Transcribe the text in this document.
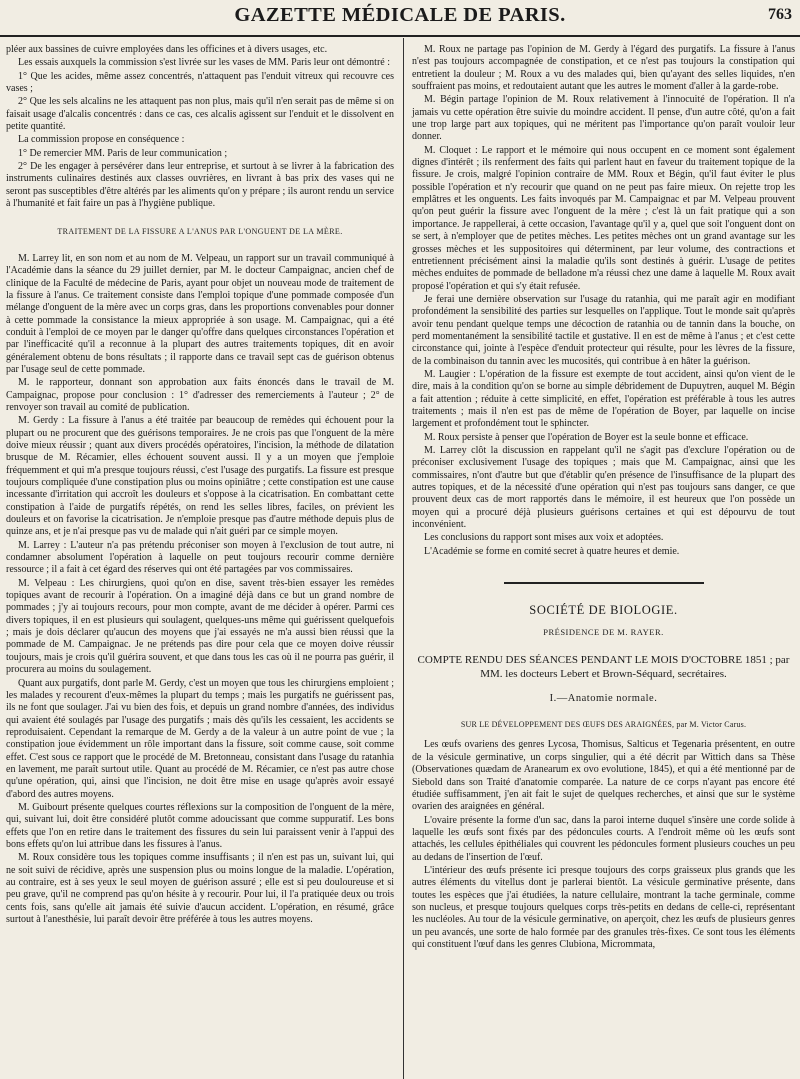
GAZETTE MÉDICALE DE PARIS.	763

pléer aux bassines de cuivre employées dans les officines et à divers usages, etc.

Les essais auxquels la commission s'est livrée sur les vases de MM. Paris leur ont démontré :

1° Que les acides, même assez concentrés, n'attaquent pas l'enduit vitreux qui recouvre ces vases ;

2° Que les sels alcalins ne les attaquent pas non plus, mais qu'il n'en serait pas de même si on faisait usage d'alcalis concentrés : dans ce cas, ces alcalis agissent sur l'enduit et le dissolvent en petite quantité.

La commission propose en conséquence :

1° De remercier MM. Paris de leur communication ;

2° De les engager à persévérer dans leur entreprise, et surtout à se livrer à la fabrication des instruments culinaires destinés aux classes ouvrières, en livrant à bas prix des vases qui ne seront pas susceptibles d'être altérés par les aliments qu'on y prépare ; ils auront rendu un service à l'humanité et fait faire un pas à l'hygiène publique.

TRAITEMENT DE LA FISSURE A L'ANUS PAR L'ONGUENT DE LA MÈRE.

M. Larrey lit, en son nom et au nom de M. Velpeau, un rapport sur un travail communiqué à l'Académie dans la séance du 29 juillet dernier, par M. le docteur Campaignac, ancien chef de clinique de la Faculté de médecine de Paris, ayant pour objet un nouveau mode de traitement de la fissure à l'anus. Ce traitement consiste dans l'emploi topique d'une pommade composée d'un mélange d'onguent de la mère avec un corps gras, dans les proportions convenables pour donner à cette pommade la consistance la mieux appropriée à son usage. M. Campaignac, qui a été conduit à l'emploi de ce moyen par le danger qu'offre dans quelques circonstances l'opération et par l'inefficacité qu'il a reconnue à la plupart des autres traitements topiques, dit en avoir généralement obtenu de bons résultats ; il rapporte dans ce travail sept cas de guérison obtenus par l'usage seul de cette pommade.

M. le rapporteur, donnant son approbation aux faits énoncés dans le travail de M. Campaignac, propose pour conclusion : 1° d'adresser des remerciements à l'auteur ; 2° de renvoyer son travail au comité de publication.

M. Gerdy : La fissure à l'anus a été traitée par beaucoup de remèdes qui échouent pour la plupart ou ne procurent que des guérisons temporaires. Je ne crois pas que l'onguent de la mère doive mieux réussir ; quant aux divers procédés opératoires, l'incision, la méthode de dilatation brusque de M. Récamier, elles échouent souvent aussi. Il y a un moyen que j'emploie fréquemment et qui m'a presque toujours réussi, c'est l'usage des purgatifs. La fissure est presque toujours compliquée d'une constipation plus ou moins opiniâtre ; cette constipation est une cause incessante d'irritation qui accroît les douleurs et s'oppose à la cicatrisation. En combattant cette constipation à l'aide de purgatifs répétés, on rend les selles libres, faciles, on prévient les douleurs et on favorise la cicatrisation. Je n'emploie presque pas d'autre méthode depuis plus de quinze ans, et je n'ai presque pas vu de malade qui n'ait guéri par ce simple moyen.

M. Larrey : L'auteur n'a pas prétendu préconiser son moyen à l'exclusion de tout autre, ni condamner absolument l'opération à laquelle on peut toujours recourir comme dernière ressource ; il a fait à cet égard des réserves qui ont été partagées par vos commissaires.

M. Velpeau : Les chirurgiens, quoi qu'on en dise, savent très-bien essayer les remèdes topiques avant de recourir à l'opération. On a imaginé déjà dans ce but un grand nombre de pommades ; j'y ai toujours recours, pour mon compte, avant de me décider à opérer. Parmi ces divers topiques, il en est plusieurs qui soulagent, quelques-uns même qui guérissent quelquefois ; mais je dois déclarer qu'aucun des moyens que j'ai essayés ne m'a aussi bien réussi que la pommade de M. Campaignac. Je ne prétends pas dire pour cela que ce moyen doive réussir toujours, mais je crois qu'il guérira souvent, et que dans tous les cas où il ne pourra pas guérir, il procurera au moins du soulagement.

Quant aux purgatifs, dont parle M. Gerdy, c'est un moyen que tous les chirurgiens emploient ; les malades y recourent d'eux-mêmes la plupart du temps ; mais les purgatifs ne guérissent pas, ils ne font que soulager. J'ai vu bien des fois, et depuis un grand nombre d'années, des individus qui avaient été soulagés par l'usage des purgatifs ; mais dès qu'ils les cessaient, les accidents se reproduisaient. Cependant la remarque de M. Gerdy a de la valeur à un autre point de vue ; la constipation joue évidemment un rôle important dans la fissure, soit comme cause, soit comme effet. C'est sous ce rapport que le procédé de M. Bretonneau, consistant dans l'usage du ratanhia en lavement, me paraît surtout utile. Quant au procédé de M. Récamier, ce n'est pas autre chose qu'une opération, qui, ainsi que l'incision, ne doit être mise en usage qu'après avoir essayé d'abord des autres moyens.

M. Guibourt présente quelques courtes réflexions sur la composition de l'onguent de la mère, qui, suivant lui, doit être considéré plutôt comme adoucissant que comme suppuratif. Les bons effets que l'on en retire dans le traitement des fissures du sein lui paraissent venir à l'appui des bons effets qu'on lui attribue dans les fissures à l'anus.

M. Roux considère tous les topiques comme insuffisants ; il n'en est pas un, suivant lui, qui ne soit suivi de récidive, après une suspension plus ou moins longue de la maladie. L'opération, au contraire, est à ses yeux le seul moyen de guérison assuré ; elle est si peu douloureuse et si peu grave, qu'il ne comprend pas qu'on hésite à y recourir. Pour lui, il l'a pratiquée deux ou trois cents fois, sans qu'elle ait jamais été suivie d'aucun accident. L'opération, en résumé, grâce surtout à l'anesthésie, lui paraît devoir être préférée à tous les autres moyens.

M. Roux ne partage pas l'opinion de M. Gerdy à l'égard des purgatifs. La fissure à l'anus n'est pas toujours accompagnée de constipation, et ce n'est pas toujours la constipation qui entretient la douleur ; M. Roux a vu des malades qui, bien qu'ayant des selles liquides, n'en souffraient pas moins, et redoutaient autant que les autres le moment d'aller à la garde-robe.

M. Bégin partage l'opinion de M. Roux relativement à l'innocuité de l'opération. Il n'a jamais vu cette opération être suivie du moindre accident. Il pense, d'un autre côté, qu'on a fait une trop large part aux topiques, qui ne méritent pas l'importance qu'on paraît vouloir leur donner.

M. Cloquet : Le rapport et le mémoire qui nous occupent en ce moment sont également dignes d'intérêt ; ils renferment des faits qui parlent haut en faveur du traitement topique de la fissure. Je crois, malgré l'opinion contraire de MM. Roux et Bégin, qu'il faut éviter le plus possible l'opération et n'y recourir que quand on ne peut pas faire mieux. On rejette trop les emplâtres et les onguents. Les faits invoqués par M. Campaignac et par M. Velpeau prouvent qu'on peut guérir la fissure avec l'onguent de la mère ; c'est là un fait pratique qui a son importance. Je rappellerai, à cette occasion, l'avantage qu'il y a, quel que soit l'onguent dont on se sert, à n'employer que de petites mèches. Les petites mèches ont un grand avantage sur les grosses mèches et les suppositoires qui déterminent, par leur volume, des contractions et entretiennent précisément ainsi la maladie qu'ils sont destinés à guérir. L'usage de petites mèches enduites de pommade de belladone m'a réussi chez une dame à laquelle M. Roux avait proposé l'opération et qui s'y était refusée.

Je ferai une dernière observation sur l'usage du ratanhia, qui me paraît agir en modifiant profondément la sensibilité des parties sur lesquelles on l'applique. Tout le monde sait qu'après avoir tenu pendant quelque temps une décoction de ratanhia ou de tannin dans la bouche, on perd momentanément la sensibilité tactile et gustative. Il en est de même à l'anus ; et c'est cette circonstance qui, jointe à l'espèce d'enduit protecteur qui résulte, pour les lèvres de la fissure, de la combinaison du tannin avec les mucosités, qui contribue à en hâter la guérison.

M. Laugier : L'opération de la fissure est exempte de tout accident, ainsi qu'on vient de le dire, mais à la condition qu'on se borne au simple débridement de Dupuytren, auquel M. Bégin a fait attention ; réduite à cette simplicité, en effet, l'opération est préférable à tous les autres traitements ; mais il n'en est pas de même de l'opération de Boyer, par laquelle on incise largement et profondément tout le sphincter.

M. Roux persiste à penser que l'opération de Boyer est la seule bonne et efficace.

M. Larrey clôt la discussion en rappelant qu'il ne s'agit pas d'exclure l'opération ou de préconiser exclusivement l'usage des topiques ; mais que M. Campaignac, ainsi que les commissaires, n'ont d'autre but que d'établir qu'en présence de l'insuffisance de la plupart des autres topiques, et de la nécessité d'une opération qui n'est pas toujours sans danger, ce que prouvent deux cas de mort rapportés dans le mémoire, il est heureux que l'on possède un moyen qui a procuré déjà plusieurs guérisons certaines et qui est dépourvu de tout inconvénient.

Les conclusions du rapport sont mises aux voix et adoptées.

L'Académie se forme en comité secret à quatre heures et demie.

SOCIÉTÉ DE BIOLOGIE.
PRÉSIDENCE DE M. RAYER.
COMPTE RENDU DES SÉANCES PENDANT LE MOIS D'OCTOBRE 1851 ; par MM. les docteurs Lebert et Brown-Séquard, secrétaires.
I.—Anatomie normale.
SUR LE DÉVELOPPEMENT DES ŒUFS DES ARAIGNÉES, par M. Victor Carus.

Les œufs ovariens des genres Lycosa, Thomisus, Salticus et Tegenaria présentent, en outre de la vésicule germinative, un corps singulier, qui a été décrit par Wittich dans sa Thèse (Observationes quædam de Aranearum ex ovo evolutione, 1845), et qui a été mentionné par de Siebold dans son Traité d'anatomie comparée. La nature de ce corps n'ayant pas encore été étudiée suffisamment, j'en ait fait le sujet de quelques recherches, et ainsi que sur le système ovarien des araignées en général.

L'ovaire présente la forme d'un sac, dans la paroi interne duquel s'insère une corde solide à laquelle les œufs sont fixés par des pédoncules courts. A l'endroit même où les œufs sont attachés, les cellules épithéliales qui couvrent les pédoncules forment plusieurs couches un peu au dedans de l'insertion de l'œuf.

L'intérieur des œufs présente ici presque toujours des corps graisseux plus grands que les autres éléments du vitellus dont je parlerai bientôt. La vésicule germinative présente, dans toutes les espèces que j'ai étudiées, la nature cellulaire, montrant la tache germinale, comme son nucleus, et presque toujours quelques corps très-petits en dedans de celle-ci, représentant les nucléoles. Au tour de la vésicule germinative, on aperçoit, chez les œufs de plusieurs genres un peu avancés, une sorte de halo formée par des granules très-fixes. Ce sont tous les éléments qui constituent l'œuf dans les genres Clubiona, Micrommata,
